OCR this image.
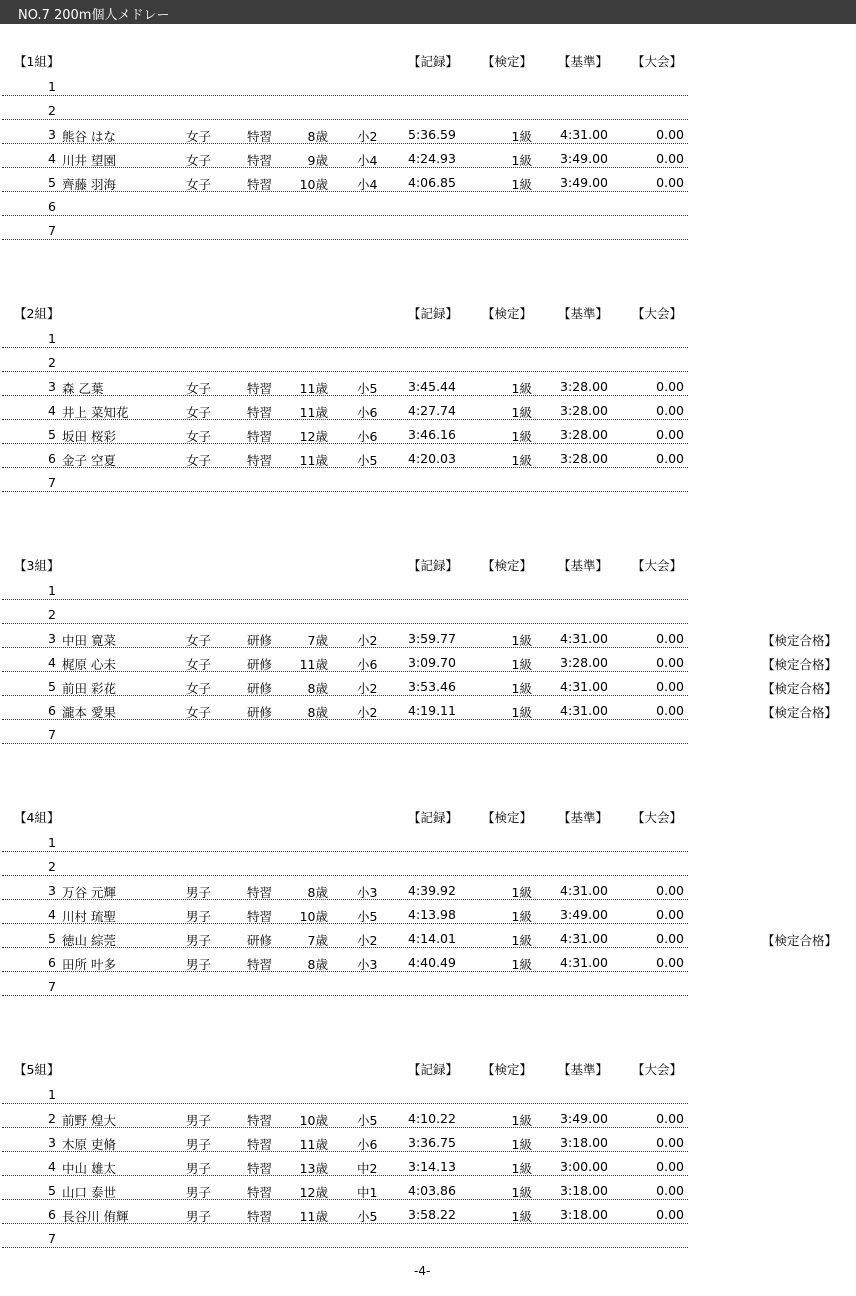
NO.7 200m個人メドレー
【1組】	【記録】 【検定】 【基準】 【大会】
1
2
3 熊谷 はな	女子	特習	8歳 小2 5:36.59	1級	4:31.00	0.00
4 川井 望園	女子	特習	9歳 小4 4:24.93	1級	3:49.00	0.00
5 齊藤 羽海	女子	特習	10歳 小4 4:06.85	1級	3:49.00	0.00
6
7
【2組】	【記録】 【検定】 【基準】 【大会】
1
2
3 森 乙葉	女子	特習	11歳 小5 3:45.44	1級	3:28.00	0.00
4 井上 菜知花	女子	特習	11歳 小6 4:27.74	1級	3:28.00	0.00
5 坂田 桜彩	女子	特習	12歳 小6 3:46.16	1級	3:28.00	0.00
6 金子 空夏	女子	特習	11歳 小5 4:20.03	1級	3:28.00	0.00
7
【3組】	【記録】 【検定】 【基準】 【大会】
1
2
3 中田 寛菜	女子	研修	7歳 小2 3:59.77	1級	4:31.00	0.00	【検定合格】
4 梶原 心未	女子	研修	11歳 小6 3:09.70	1級	3:28.00	0.00	【検定合格】
5 前田 彩花	女子	研修	8歳 小2 3:53.46	1級	4:31.00	0.00	【検定合格】
6 瀧本 愛果	女子	研修	8歳 小2 4:19.11	1級	4:31.00	0.00	【検定合格】
7
【4組】	【記録】 【検定】 【基準】 【大会】
1
2
3 万谷 元輝	男子	特習	8歳 小3 4:39.92	1級	4:31.00	0.00
4 川村 琉聖	男子	特習	10歳 小5 4:13.98	1級	3:49.00	0.00
5 徳山 綜莞	男子	研修	7歳 小2 4:14.01	1級	4:31.00	0.00	【検定合格】
6 田所 叶多	男子	特習	8歳 小3 4:40.49	1級	4:31.00	0.00
7
【5組】	【記録】 【検定】 【基準】 【大会】
1
2 前野 煌大	男子	特習	10歳 小5 4:10.22	1級	3:49.00	0.00
3 木原 吏脩	男子	特習	11歳 小6 3:36.75	1級	3:18.00	0.00
4 中山 雄太	男子	特習	13歳 中2 3:14.13	1級	3:00.00	0.00
5 山口 泰世	男子	特習	12歳 中1 4:03.86	1級	3:18.00	0.00
6 長谷川 侑輝	男子	特習	11歳 小5 3:58.22	1級	3:18.00	0.00
7
-4-
